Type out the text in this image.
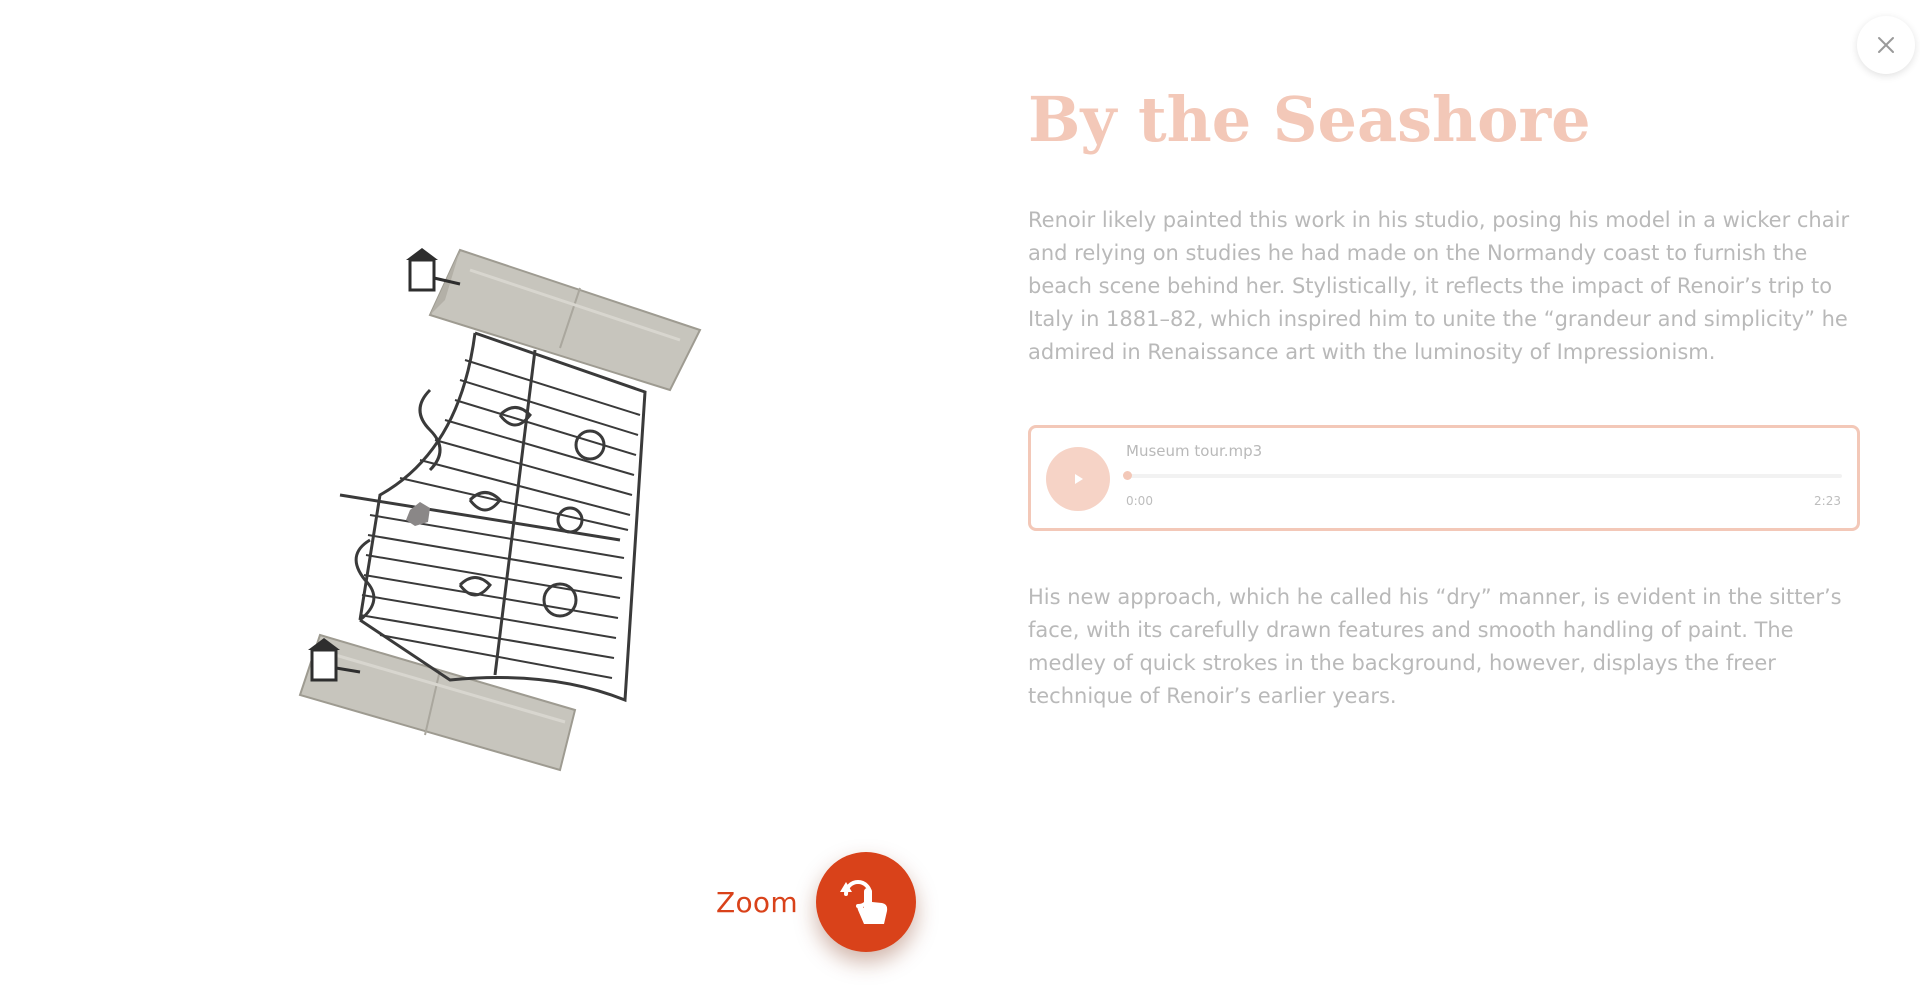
Zoom
By the Seashore

Renoir likely painted this work in his studio, posing his model in a wicker chair and relying on studies he had made on the Normandy coast to furnish the beach scene behind her. Stylistically, it reflects the impact of Renoir’s trip to Italy in 1881–82, which inspired him to unite the “grandeur and simplicity” he admired in Renaissance art with the luminosity of Impressionism.

Museum tour.mp3
0:00	2:23

His new approach, which he called his “dry” manner, is evident in the sitter’s face, with its carefully drawn features and smooth handling of paint. The medley of quick strokes in the background, however, displays the freer technique of Renoir’s earlier years.
